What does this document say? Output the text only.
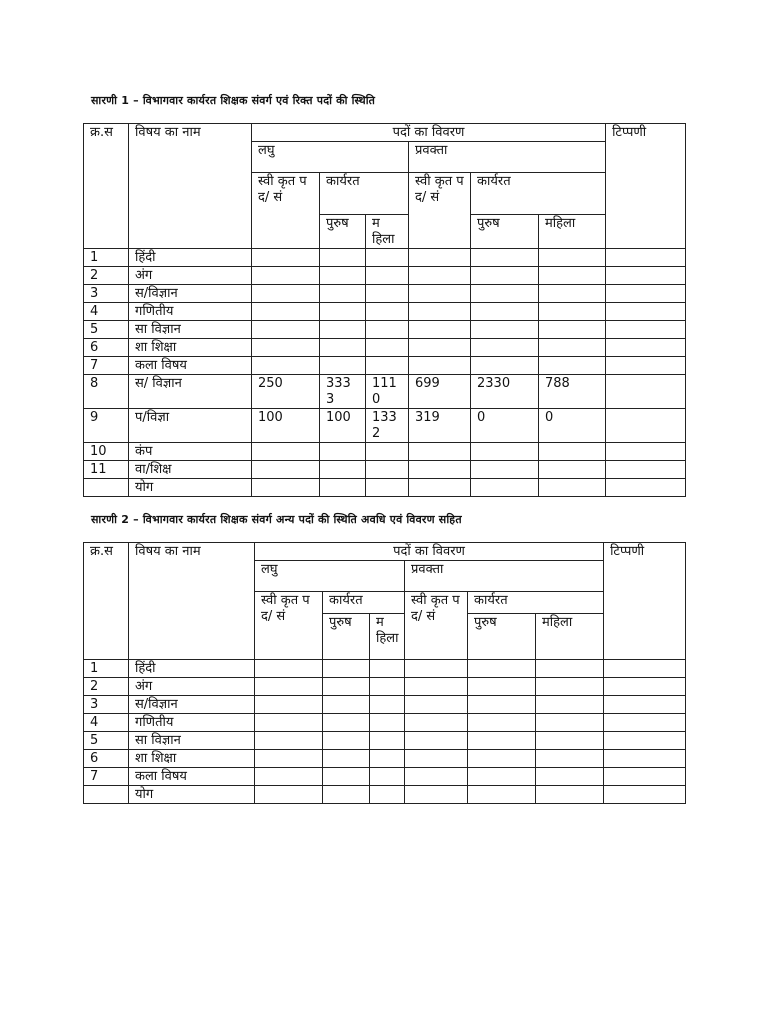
सारणी 1 – विभागवार कार्यरत शिक्षक संवर्ग एवं रिक्त पदों की स्थिति
क्र.स	विषय का नाम	पदों का विवरण						टिप्पणी
		लघु			प्रवक्ता			
		स्वी कृत पद/ सं	कार्यरत		स्वी कृत पद/ सं	कार्यरत		
			पुरुष	महिला		पुरुष	महिला	
1	हिंदी							
2	अंग							
3	स/विज्ञान							
4	गणितीय							
5	सा विज्ञान							
6	शा शिक्षा							
7	कला विषय							
8	स/ विज्ञान	250	3333	1110	699	2330	788	
9	प/विज्ञा	100	100	1332	319	0	0	
10	कंप							
11	वा/शिक्ष							
	योग							
सारणी 2 – विभागवार कार्यरत शिक्षक संवर्ग अन्य पदों की स्थिति अवधि एवं विवरण सहित
क्र.स	विषय का नाम	पदों का विवरण						टिप्पणी
		लघु			प्रवक्ता			
		स्वी कृत पद/ सं	कार्यरत		स्वी कृत पद/ सं	कार्यरत		
			पुरुष	महिला		पुरुष	महिला	
1	हिंदी							
2	अंग							
3	स/विज्ञान							
4	गणितीय							
5	सा विज्ञान							
6	शा शिक्षा							
7	कला विषय							
	योग							
